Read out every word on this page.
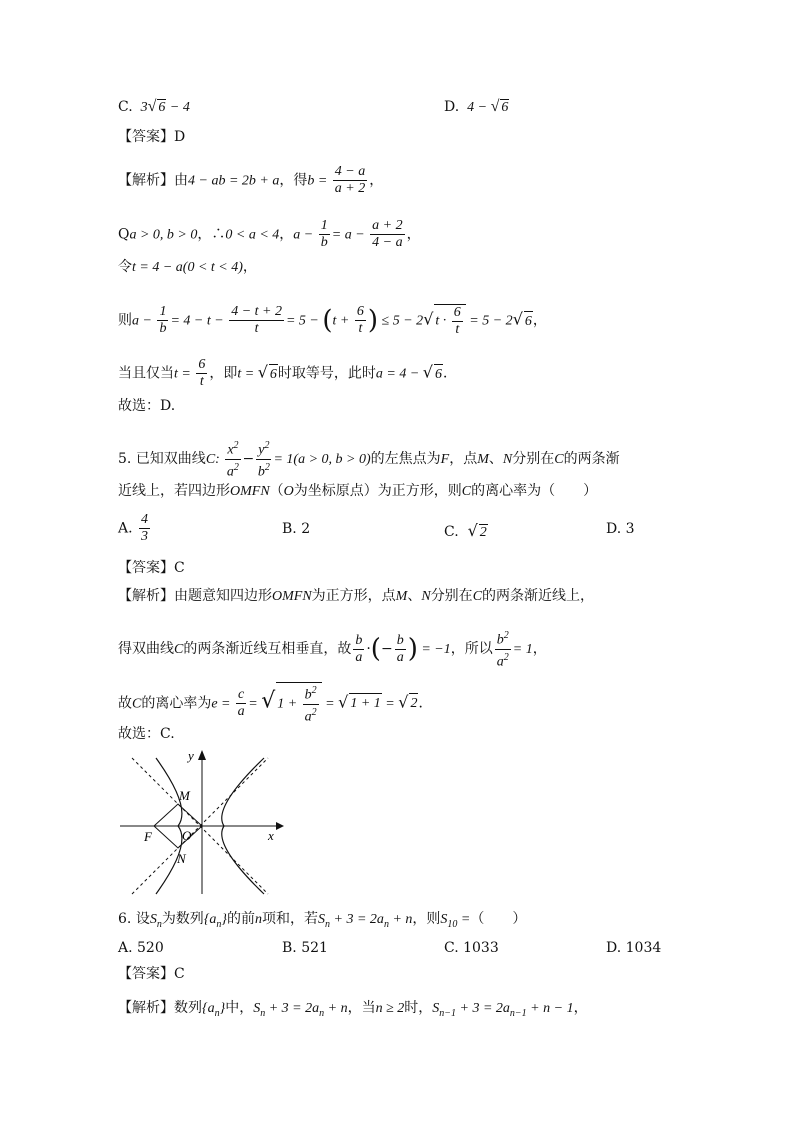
C.  3√ 6 − 4	D.  4 − √ 6
【答案】D
【解析】由4 − ab = 2b + a，得$b = \frac{4 - a}{a + 2}$ ，
Qa > 0, b > 0，∴0 < a < 4，$a - \frac{1}{b} = a - \frac{a + 2}{4 - a}$ ，
令t = 4 − a(0 < t < 4)，
则$a - \frac{1}{b} = 4 - t - \frac{4 - t + 2}{t} = 5 - (t + \frac{6}{t}$ ) ≤ 5 − 2√ $t \cdot \frac{6}{t} = 5 - 2√$ 6，
当且仅当$t = \frac{6}{t}$ ，即t = √ 6时取等号，此时a = 4 − √ 6．
故选：D.
5. 已知双曲线C: $\frac{x^2}{a^2} - \frac{y^2}{b^2} = 1(a > 0$, b > 0)的左焦点为F，点M、N分别在C的两条渐
近线上，若四边形OMFN（O为坐标原点）为正方形，则C的离心率为（　　）
A. $\frac{4}{3}$	B. 2	C. √ 2	D. 3
【答案】C
【解析】由题意知四边形OMFN为正方形，点M、N分别在C的两条渐近线上，
得双曲线C的两条渐近线互相垂直，故 $\frac{b}{a}$ ·(− $\frac{b}{a}$ ) = −1，所以 $\frac{b^2}{a^2} = 1$，
故C的离心率为$e = \frac{c}{a}$ = √ $1 + \frac{b^2}{a^2}$ = √ 1 + 1 = √ 2．
故选：C.
y
x
M
F O
N
6. 设$S_n$为数列$\{a_n\}$的前n项和，若$S_n + 3 = 2a_n + n$，则$S_{10}$ =（　　）
A. 520	B. 521	C. 1033	D. 1034
【答案】C
【解析】数列$\{a_n\}$中，$S_n + 3 = 2a_n + n$，当n ≥ 2时，$S_{n-1} + 3 = 2a_{n-1} + n - 1$，
